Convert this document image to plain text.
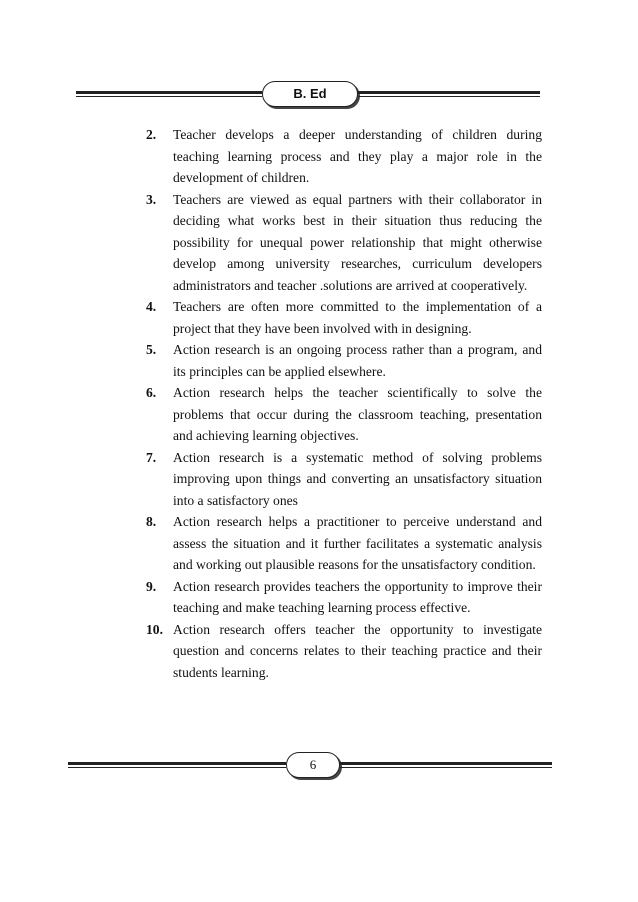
B. Ed
2. Teacher develops a deeper understanding of children during teaching learning process and they play a major role in the development of children.
3. Teachers are viewed as equal partners with their collaborator in deciding what works best in their situation thus reducing the possibility for unequal power relationship that might otherwise develop among university researches, curriculum developers administrators and teacher .solutions are arrived at cooperatively.
4. Teachers are often more committed to the implementation of a project that they have been involved with in designing.
5. Action research is an ongoing process rather than a program, and its principles can be applied elsewhere.
6. Action research helps the teacher scientifically to solve the problems that occur during the classroom teaching, presentation and achieving learning objectives.
7. Action research is a systematic method of solving problems improving upon things and converting an unsatisfactory situation into a satisfactory ones
8. Action research helps a practitioner to perceive understand and assess the situation and it further facilitates a systematic analysis and working out plausible reasons for the unsatisfactory condition.
9. Action research provides teachers the opportunity to improve their teaching and make teaching learning process effective.
10. Action research offers teacher the opportunity to investigate question and concerns relates to their teaching practice and their students learning.
6
